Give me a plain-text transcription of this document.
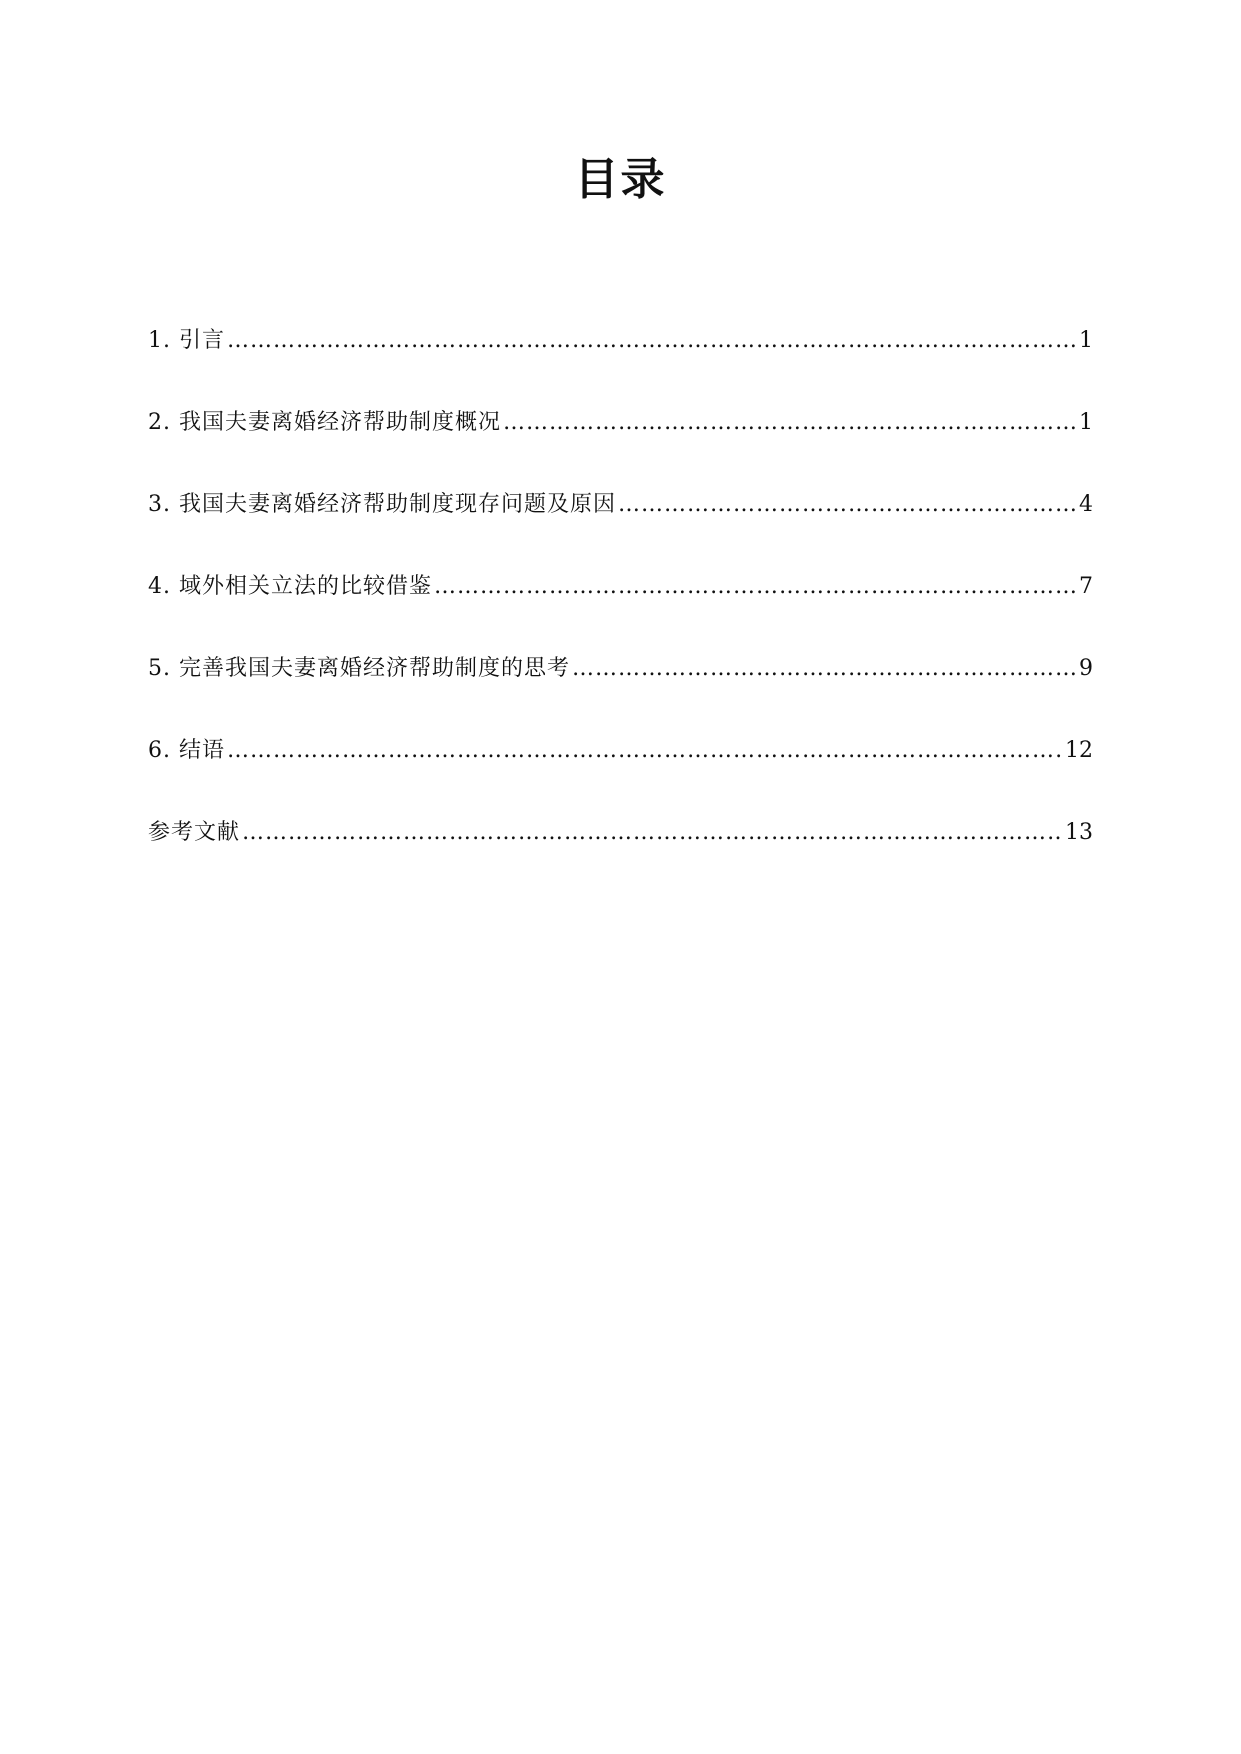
目录
1. 引言 ……………………………………………………………………………………………………………………………………………………………………………………	1
2. 我国夫妻离婚经济帮助制度概况 ……………………………………………………………………………………………………………………………………………………………………………………	1
3. 我国夫妻离婚经济帮助制度现存问题及原因 ……………………………………………………………………………………………………………………………………………………………………………………	4
4. 域外相关立法的比较借鉴 ……………………………………………………………………………………………………………………………………………………………………………………	7
5. 完善我国夫妻离婚经济帮助制度的思考 ……………………………………………………………………………………………………………………………………………………………………………………	9
6. 结语 ……………………………………………………………………………………………………………………………………………………………………………………	12
参考文献 ……………………………………………………………………………………………………………………………………………………………………………………	13
